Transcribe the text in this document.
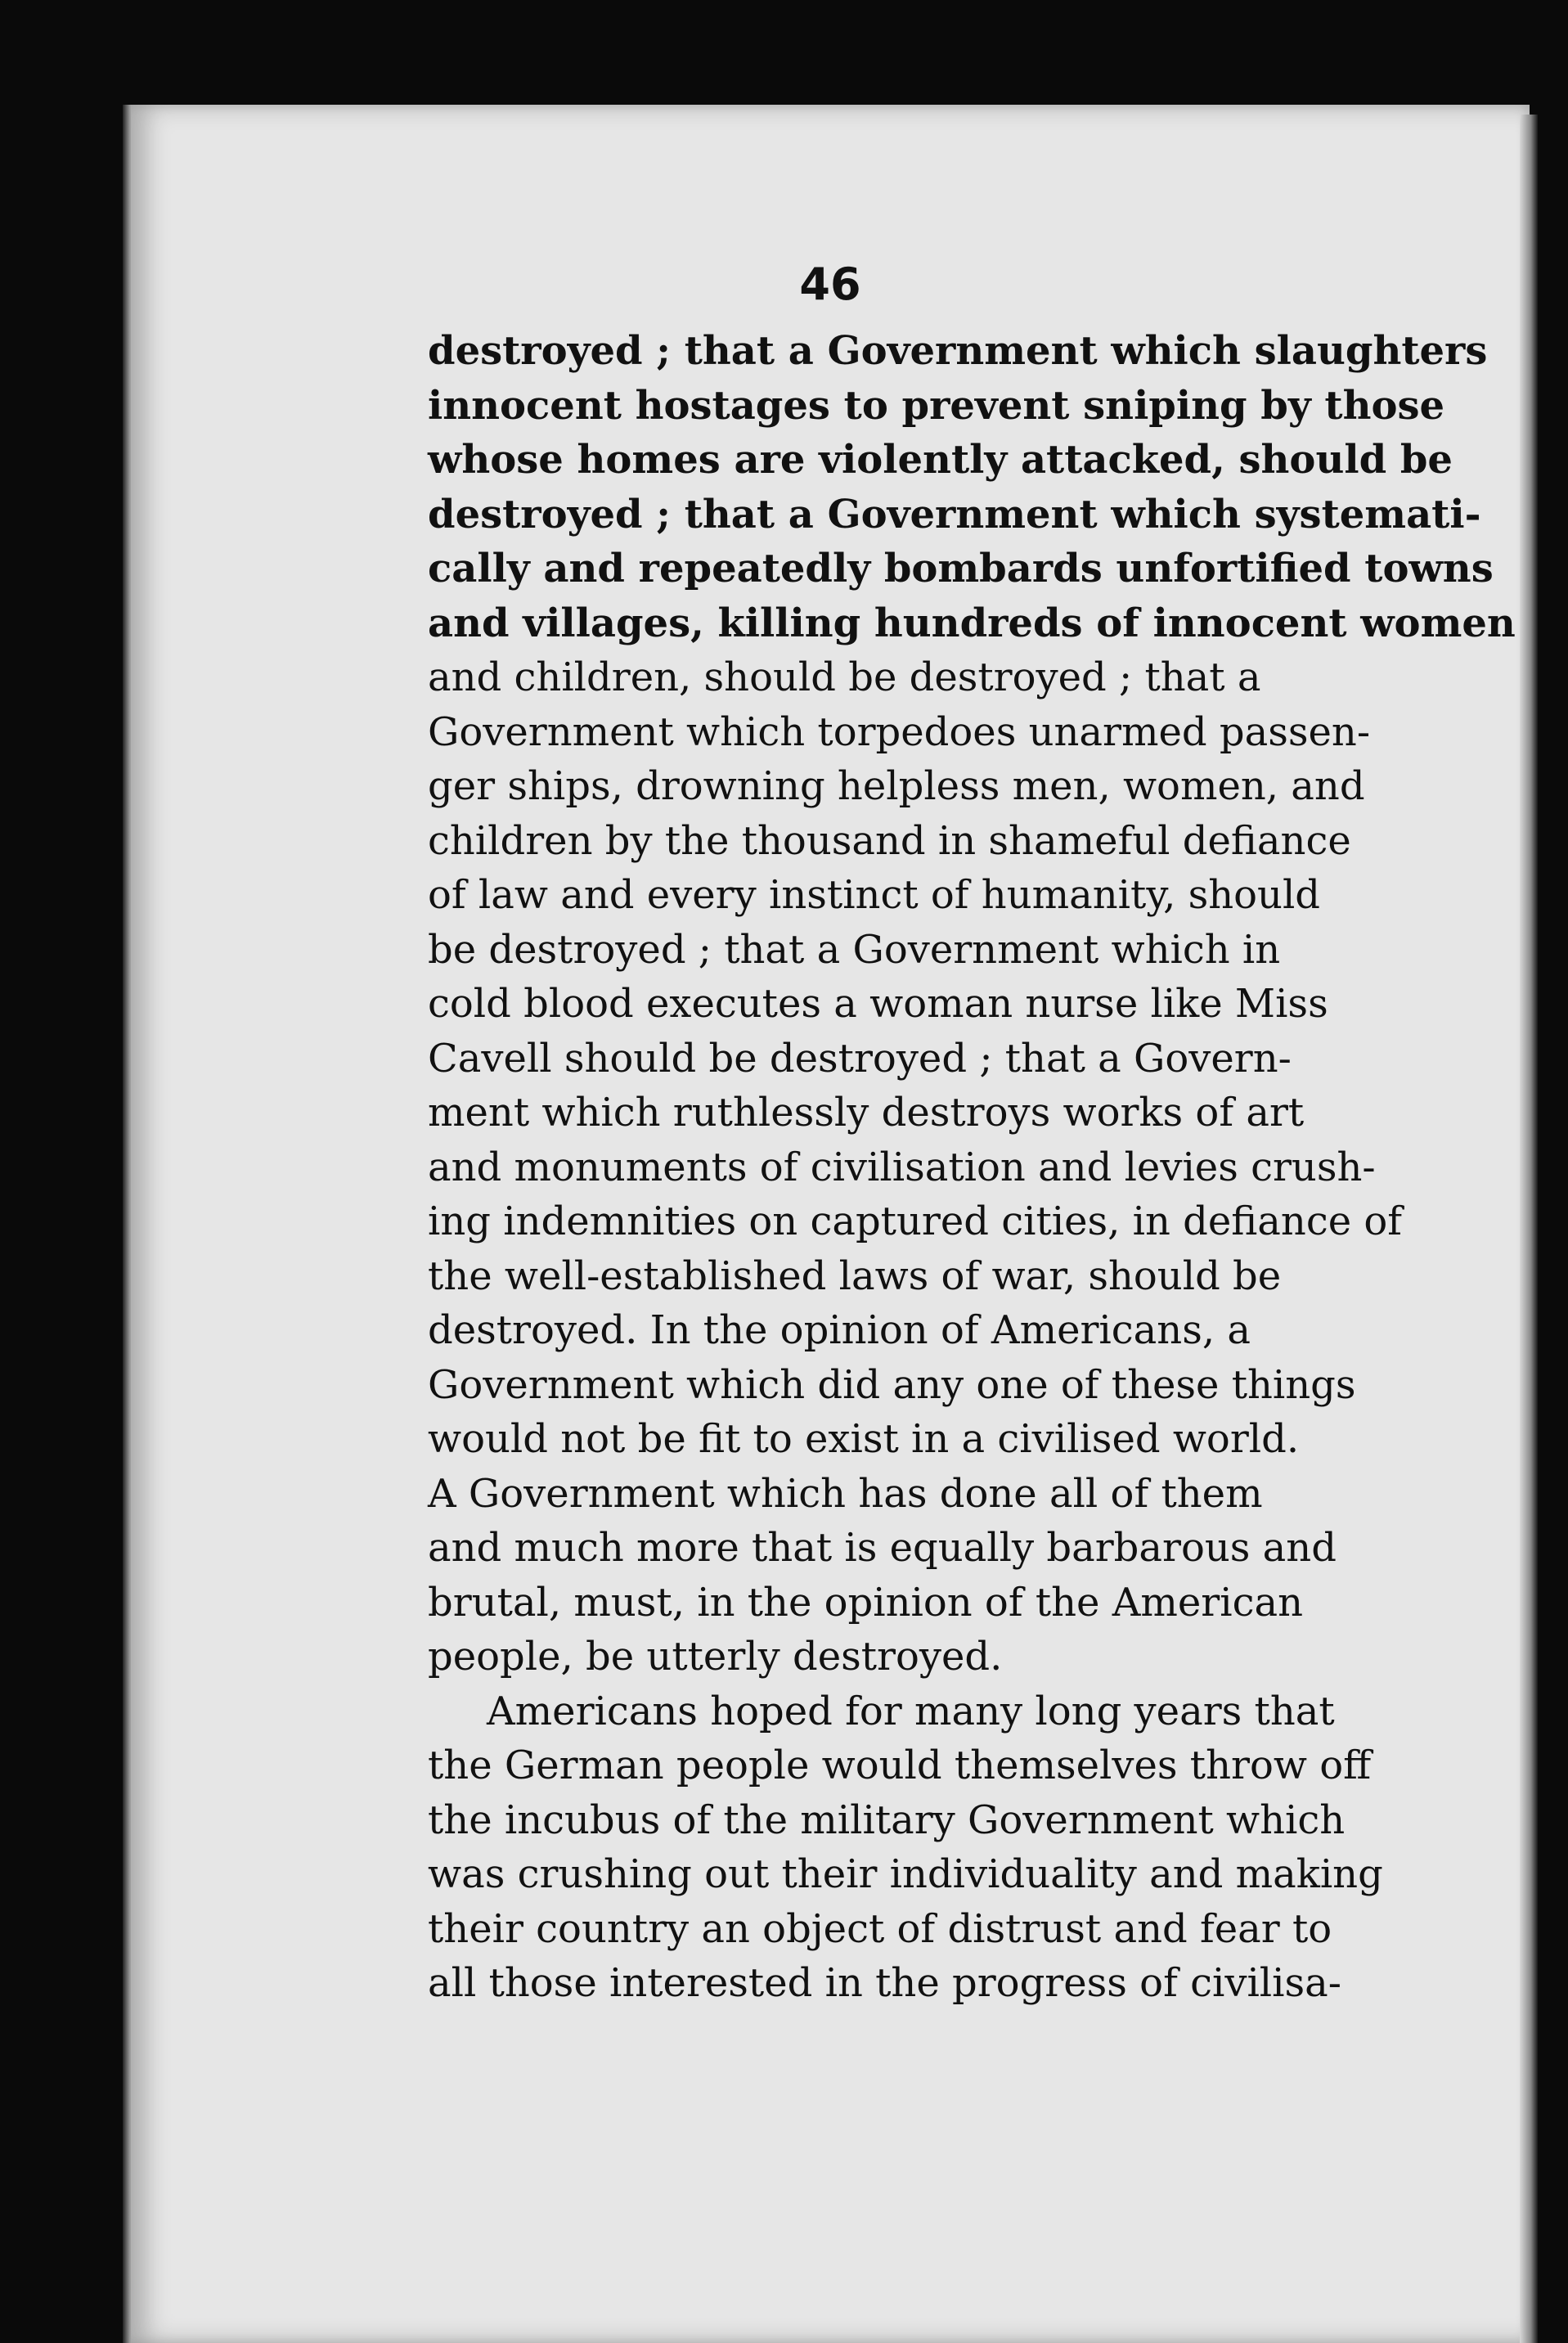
46
destroyed ; that a Government which slaughters
innocent hostages to prevent sniping by those
whose homes are violently attacked, should be
destroyed ; that a Government which systemati-
cally and repeatedly bombards unfortified towns
and villages, killing hundreds of innocent women
and children, should be destroyed ; that a
Government which torpedoes unarmed passen-
ger ships, drowning helpless men, women, and
children by the thousand in shameful defiance
of law and every instinct of humanity, should
be destroyed ; that a Government which in
cold blood executes a woman nurse like Miss
Cavell should be destroyed ; that a Govern-
ment which ruthlessly destroys works of art
and monuments of civilisation and levies crush-
ing indemnities on captured cities, in defiance of
the well-established laws of war, should be
destroyed. In the opinion of Americans, a
Government which did any one of these things
would not be fit to exist in a civilised world.
A Government which has done all of them
and much more that is equally barbarous and
brutal, must, in the opinion of the American
people, be utterly destroyed.
Americans hoped for many long years that
the German people would themselves throw off
the incubus of the military Government which
was crushing out their individuality and making
their country an object of distrust and fear to
all those interested in the progress of civilisa-
